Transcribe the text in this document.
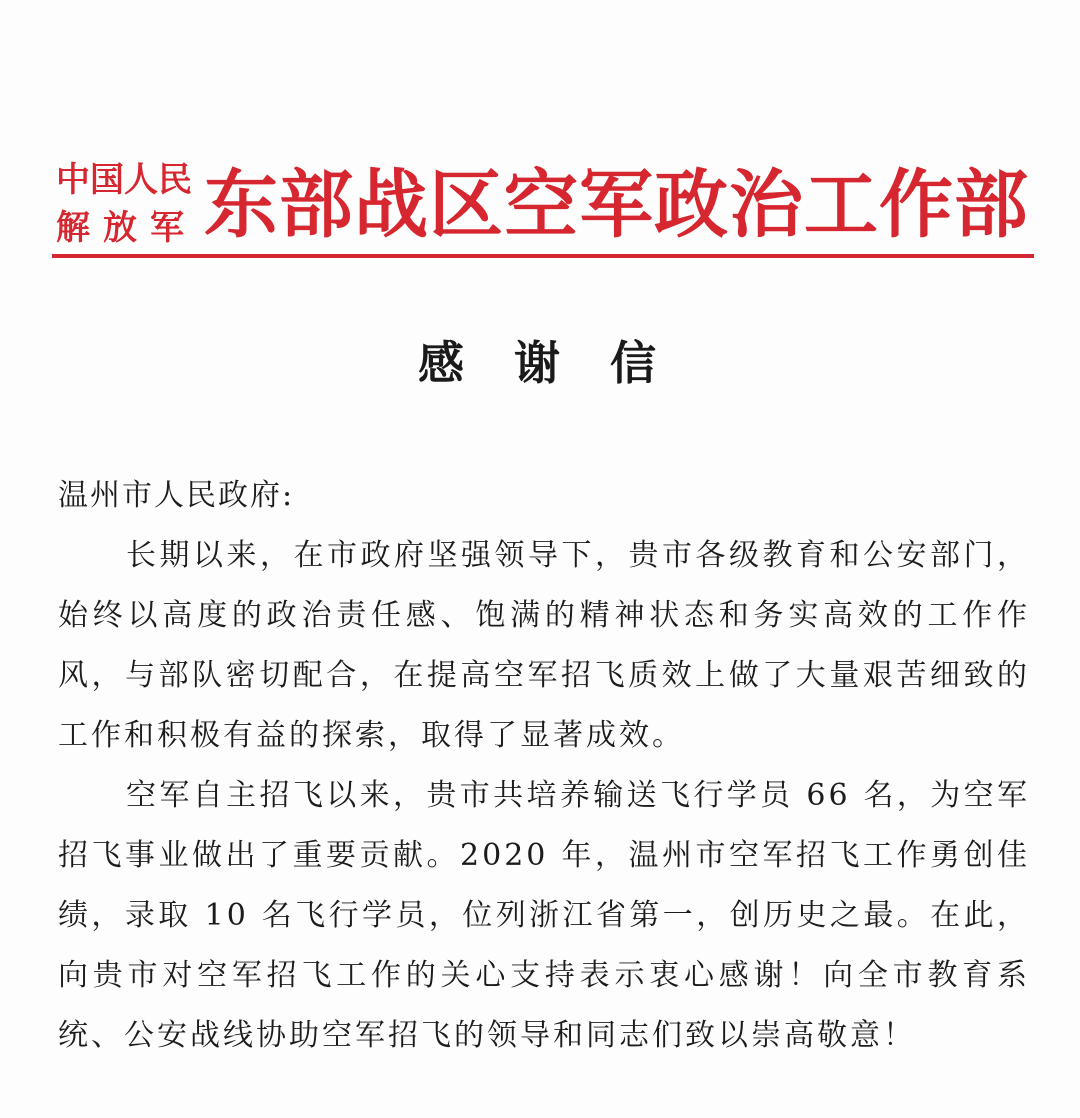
中国人民
解放军 东部战区空军政治工作部
感谢信

温州市人民政府:

长期以来，在市政府坚强领导下，贵市各级教育和公安部门，始终以高度的政治责任感、饱满的精神状态和务实高效的工作作风，与部队密切配合，在提高空军招飞质效上做了大量艰苦细致的工作和积极有益的探索，取得了显著成效。

空军自主招飞以来，贵市共培养输送飞行学员 66 名，为空军招飞事业做出了重要贡献。2020 年，温州市空军招飞工作勇创佳绩，录取 10 名飞行学员，位列浙江省第一，创历史之最。在此，向贵市对空军招飞工作的关心支持表示衷心感谢！向全市教育系统、公安战线协助空军招飞的领导和同志们致以崇高敬意！
